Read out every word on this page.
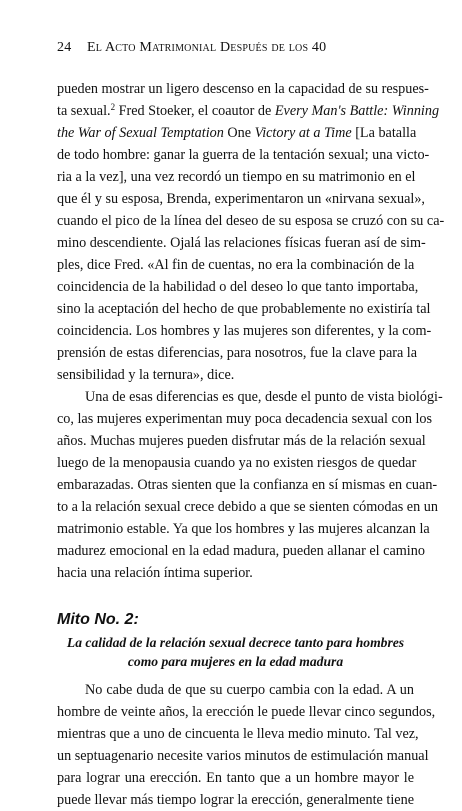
24 El Acto Matrimonial Después de los 40
pueden mostrar un ligero descenso en la capacidad de su respues-
ta sexual.$^2$ Fred Stoeker, el coautor de Every Man's Battle: Winning
the War of Sexual Temptation One Victory at a Time [La batalla
de todo hombre: ganar la guerra de la tentación sexual; una victo-
ria a la vez], una vez recordó un tiempo en su matrimonio en el
que él y su esposa, Brenda, experimentaron un «nirvana sexual»,
cuando el pico de la línea del deseo de su esposa se cruzó con su ca-
mino descendiente. Ojalá las relaciones físicas fueran así de sim-
ples, dice Fred. «Al fin de cuentas, no era la combinación de la
coincidencia de la habilidad o del deseo lo que tanto importaba,
sino la aceptación del hecho de que probablemente no existiría tal
coincidencia. Los hombres y las mujeres son diferentes, y la com-
prensión de estas diferencias, para nosotros, fue la clave para la
sensibilidad y la ternura», dice.
Una de esas diferencias es que, desde el punto de vista biológi-
co, las mujeres experimentan muy poca decadencia sexual con los
años. Muchas mujeres pueden disfrutar más de la relación sexual
luego de la menopausia cuando ya no existen riesgos de quedar
embarazadas. Otras sienten que la confianza en sí mismas en cuan-
to a la relación sexual crece debido a que se sienten cómodas en un
matrimonio estable. Ya que los hombres y las mujeres alcanzan la
madurez emocional en la edad madura, pueden allanar el camino
hacia una relación íntima superior.
Mito No. 2:
La calidad de la relación sexual decrece tanto para hombres
como para mujeres en la edad madura
No cabe duda de que su cuerpo cambia con la edad. A un
hombre de veinte años, la erección le puede llevar cinco segundos,
mientras que a uno de cincuenta le lleva medio minuto. Tal vez,
un septuagenario necesite varios minutos de estimulación manual
para lograr una erección. En tanto que a un hombre mayor le
puede llevar más tiempo lograr la erección, generalmente tiene
